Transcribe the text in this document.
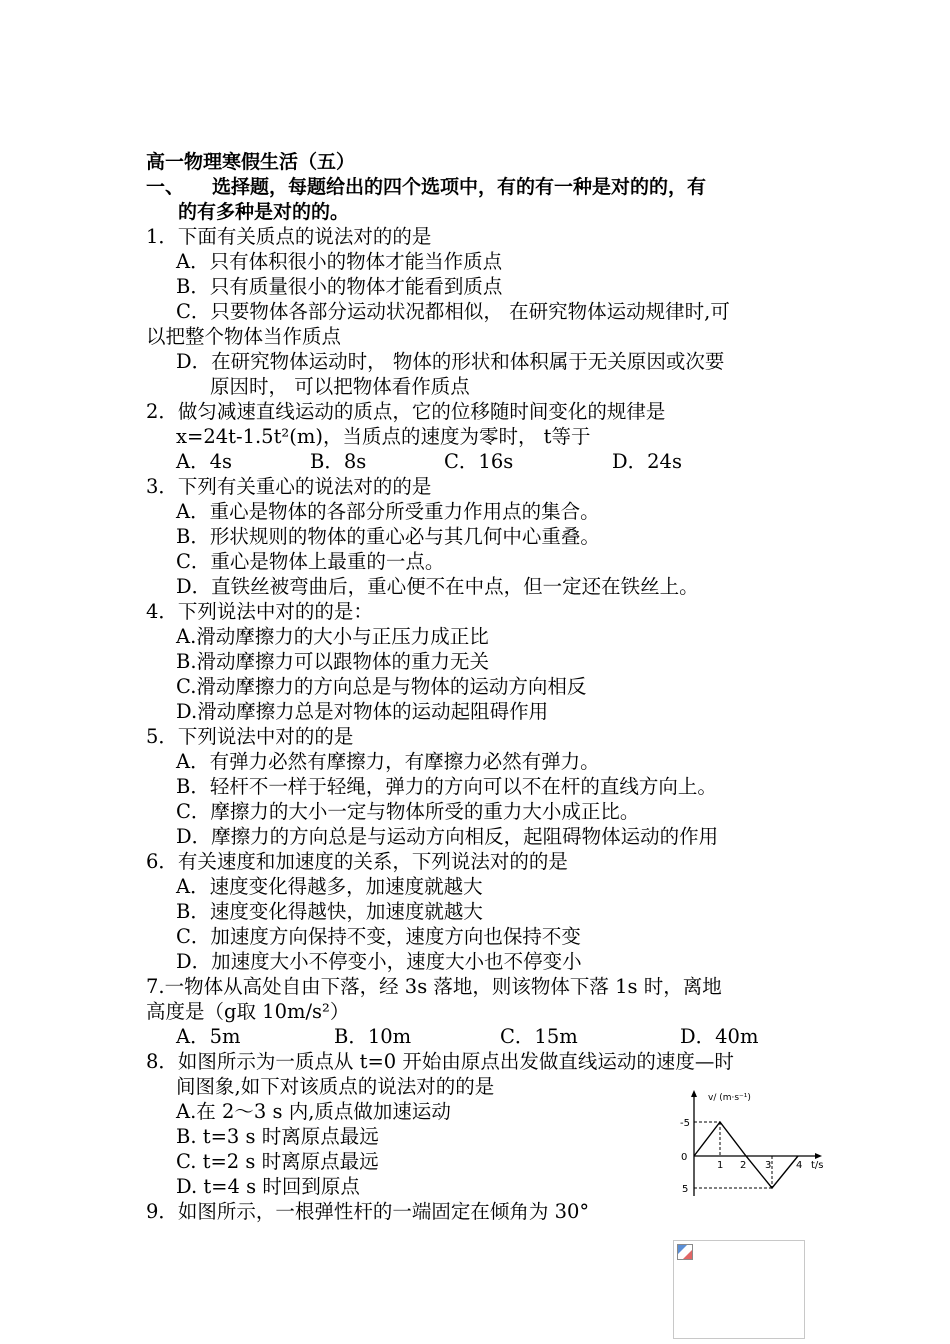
高一物理寒假生活（五）
一、 选择题，每题给出的四个选项中，有的有一种是对的的，有
的有多种是对的的。
1．下面有关质点的说法对的的是
A．只有体积很小的物体才能当作质点
B．只有质量很小的物体才能看到质点
C．只要物体各部分运动状况都相似， 在研究物体运动规律时,可
以把整个物体当作质点
D．在研究物体运动时， 物体的形状和体积属于无关原因或次要
原因时， 可以把物体看作质点
2．做匀减速直线运动的质点，它的位移随时间变化的规律是
x=24t-1.5t²(m)，当质点的速度为零时， t等于
A．4s	B．8s	C．16s	D．24s
3．下列有关重心的说法对的的是
A．重心是物体的各部分所受重力作用点的集合。
B．形状规则的物体的重心必与其几何中心重叠。
C．重心是物体上最重的一点。
D．直铁丝被弯曲后，重心便不在中点，但一定还在铁丝上。
4．下列说法中对的的是：
A.滑动摩擦力的大小与正压力成正比
B.滑动摩擦力可以跟物体的重力无关
C.滑动摩擦力的方向总是与物体的运动方向相反
D.滑动摩擦力总是对物体的运动起阻碍作用
5．下列说法中对的的是
A．有弹力必然有摩擦力，有摩擦力必然有弹力。
B．轻杆不一样于轻绳，弹力的方向可以不在杆的直线方向上。
C．摩擦力的大小一定与物体所受的重力大小成正比。
D．摩擦力的方向总是与运动方向相反，起阻碍物体运动的作用
6．有关速度和加速度的关系，下列说法对的的是
A．速度变化得越多，加速度就越大
B．速度变化得越快，加速度就越大
C．加速度方向保持不变，速度方向也保持不变
D．加速度大小不停变小，速度大小也不停变小
7.一物体从高处自由下落，经 3s 落地，则该物体下落 1s 时，离地
高度是（g取 10m/s²）
A．5m	B．10m	C．15m	D．40m
8．如图所示为一质点从 t=0 开始由原点出发做直线运动的速度—时
间图象,如下对该质点的说法对的的是
A.在 2～3 s 内,质点做加速运动
B. t=3 s 时离原点最远
C. t=2 s 时离原点最远
D. t=4 s 时回到原点
v/ (m·s⁻¹)
-5
0
5
1 2 3 4 t/s
9．如图所示，一根弹性杆的一端固定在倾角为 30°
